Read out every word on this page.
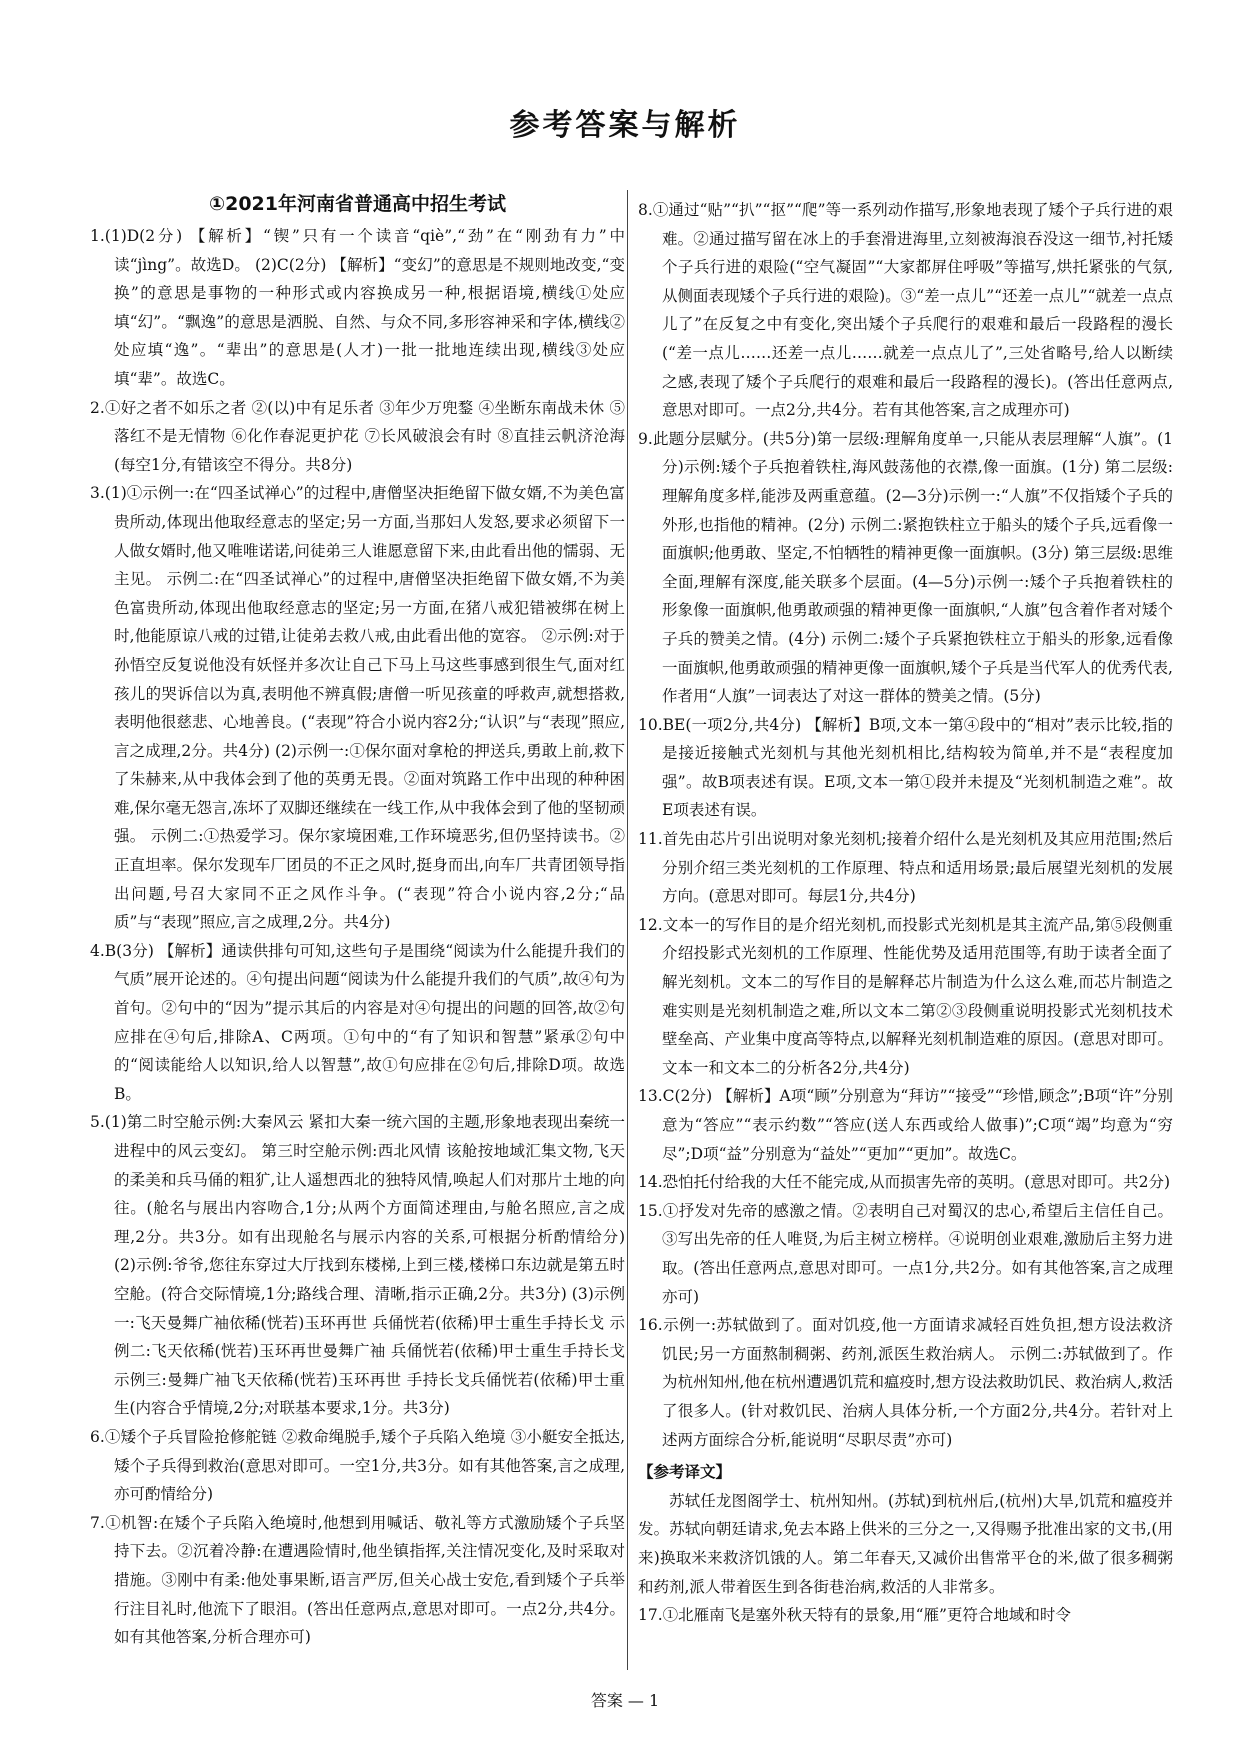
参考答案与解析
①2021年河南省普通高中招生考试

1.(1)D(2分) 【解析】“锲”只有一个读音“qiè”,“劲”在“刚劲有力”中读“jìng”。故选D。 (2)C(2分) 【解析】“变幻”的意思是不规则地改变,“变换”的意思是事物的一种形式或内容换成另一种,根据语境,横线①处应填“幻”。“飘逸”的意思是洒脱、自然、与众不同,多形容神采和字体,横线②处应填“逸”。“辈出”的意思是(人才)一批一批地连续出现,横线③处应填“辈”。故选C。

2.①好之者不如乐之者 ②(以)中有足乐者 ③年少万兜鍪 ④坐断东南战未休 ⑤落红不是无情物 ⑥化作春泥更护花 ⑦长风破浪会有时 ⑧直挂云帆济沧海(每空1分,有错该空不得分。共8分)

3.(1)①示例一:在“四圣试禅心”的过程中,唐僧坚决拒绝留下做女婿,不为美色富贵所动,体现出他取经意志的坚定;另一方面,当那妇人发怒,要求必须留下一人做女婿时,他又唯唯诺诺,问徒弟三人谁愿意留下来,由此看出他的懦弱、无主见。 示例二:在“四圣试禅心”的过程中,唐僧坚决拒绝留下做女婿,不为美色富贵所动,体现出他取经意志的坚定;另一方面,在猪八戒犯错被绑在树上时,他能原谅八戒的过错,让徒弟去救八戒,由此看出他的宽容。 ②示例:对于孙悟空反复说他没有妖怪并多次让自己下马上马这些事感到很生气,面对红孩儿的哭诉信以为真,表明他不辨真假;唐僧一听见孩童的呼救声,就想搭救,表明他很慈悲、心地善良。(“表现”符合小说内容2分;“认识”与“表现”照应,言之成理,2分。共4分) (2)示例一:①保尔面对拿枪的押送兵,勇敢上前,救下了朱赫来,从中我体会到了他的英勇无畏。②面对筑路工作中出现的种种困难,保尔毫无怨言,冻坏了双脚还继续在一线工作,从中我体会到了他的坚韧顽强。 示例二:①热爱学习。保尔家境困难,工作环境恶劣,但仍坚持读书。②正直坦率。保尔发现车厂团员的不正之风时,挺身而出,向车厂共青团领导指出问题,号召大家同不正之风作斗争。(“表现”符合小说内容,2分;“品质”与“表现”照应,言之成理,2分。共4分)

4.B(3分) 【解析】通读供排句可知,这些句子是围绕“阅读为什么能提升我们的气质”展开论述的。④句提出问题“阅读为什么能提升我们的气质”,故④句为首句。②句中的“因为”提示其后的内容是对④句提出的问题的回答,故②句应排在④句后,排除A、C两项。①句中的“有了知识和智慧”紧承②句中的“阅读能给人以知识,给人以智慧”,故①句应排在②句后,排除D项。故选B。

5.(1)第二时空舱示例:大秦风云 紧扣大秦一统六国的主题,形象地表现出秦统一进程中的风云变幻。 第三时空舱示例:西北风情 该舱按地域汇集文物,飞天的柔美和兵马俑的粗犷,让人遥想西北的独特风情,唤起人们对那片土地的向往。(舱名与展出内容吻合,1分;从两个方面简述理由,与舱名照应,言之成理,2分。共3分。如有出现舱名与展示内容的关系,可根据分析酌情给分) (2)示例:爷爷,您往东穿过大厅找到东楼梯,上到三楼,楼梯口东边就是第五时空舱。(符合交际情境,1分;路线合理、清晰,指示正确,2分。共3分) (3)示例一:飞天曼舞广袖依稀(恍若)玉环再世 兵俑恍若(依稀)甲士重生手持长戈 示例二:飞天依稀(恍若)玉环再世曼舞广袖 兵俑恍若(依稀)甲士重生手持长戈 示例三:曼舞广袖飞天依稀(恍若)玉环再世 手持长戈兵俑恍若(依稀)甲士重生(内容合乎情境,2分;对联基本要求,1分。共3分)

6.①矮个子兵冒险抢修舵链 ②救命绳脱手,矮个子兵陷入绝境 ③小艇安全抵达,矮个子兵得到救治(意思对即可。一空1分,共3分。如有其他答案,言之成理,亦可酌情给分)

7.①机智:在矮个子兵陷入绝境时,他想到用喊话、敬礼等方式激励矮个子兵坚持下去。②沉着冷静:在遭遇险情时,他坐镇指挥,关注情况变化,及时采取对措施。③刚中有柔:他处事果断,语言严厉,但关心战士安危,看到矮个子兵举行注目礼时,他流下了眼泪。(答出任意两点,意思对即可。一点2分,共4分。如有其他答案,分析合理亦可)

8.①通过“贴”“扒”“抠”“爬”等一系列动作描写,形象地表现了矮个子兵行进的艰难。②通过描写留在冰上的手套滑进海里,立刻被海浪吞没这一细节,衬托矮个子兵行进的艰险(“空气凝固”“大家都屏住呼吸”等描写,烘托紧张的气氛,从侧面表现矮个子兵行进的艰险)。③“差一点儿”“还差一点儿”“就差一点点儿了”在反复之中有变化,突出矮个子兵爬行的艰难和最后一段路程的漫长(“差一点儿……还差一点儿……就差一点点儿了”,三处省略号,给人以断续之感,表现了矮个子兵爬行的艰难和最后一段路程的漫长)。(答出任意两点,意思对即可。一点2分,共4分。若有其他答案,言之成理亦可)

9.此题分层赋分。(共5分)第一层级:理解角度单一,只能从表层理解“人旗”。(1分)示例:矮个子兵抱着铁柱,海风鼓荡他的衣襟,像一面旗。(1分) 第二层级:理解角度多样,能涉及两重意蕴。(2—3分)示例一:“人旗”不仅指矮个子兵的外形,也指他的精神。(2分) 示例二:紧抱铁柱立于船头的矮个子兵,远看像一面旗帜;他勇敢、坚定,不怕牺牲的精神更像一面旗帜。(3分) 第三层级:思维全面,理解有深度,能关联多个层面。(4—5分)示例一:矮个子兵抱着铁柱的形象像一面旗帜,他勇敢顽强的精神更像一面旗帜,“人旗”包含着作者对矮个子兵的赞美之情。(4分) 示例二:矮个子兵紧抱铁柱立于船头的形象,远看像一面旗帜,他勇敢顽强的精神更像一面旗帜,矮个子兵是当代军人的优秀代表,作者用“人旗”一词表达了对这一群体的赞美之情。(5分)

10.BE(一项2分,共4分) 【解析】B项,文本一第④段中的“相对”表示比较,指的是接近接触式光刻机与其他光刻机相比,结构较为简单,并不是“表程度加强”。故B项表述有误。E项,文本一第①段并未提及“光刻机制造之难”。故E项表述有误。

11.首先由芯片引出说明对象光刻机;接着介绍什么是光刻机及其应用范围;然后分别介绍三类光刻机的工作原理、特点和适用场景;最后展望光刻机的发展方向。(意思对即可。每层1分,共4分)

12.文本一的写作目的是介绍光刻机,而投影式光刻机是其主流产品,第⑤段侧重介绍投影式光刻机的工作原理、性能优势及适用范围等,有助于读者全面了解光刻机。文本二的写作目的是解释芯片制造为什么这么难,而芯片制造之难实则是光刻机制造之难,所以文本二第②③段侧重说明投影式光刻机技术壁垒高、产业集中度高等特点,以解释光刻机制造难的原因。(意思对即可。文本一和文本二的分析各2分,共4分)

13.C(2分) 【解析】A项“顾”分别意为“拜访”“接受”“珍惜,顾念”;B项“许”分别意为“答应”“表示约数”“答应(送人东西或给人做事)”;C项“竭”均意为“穷尽”;D项“益”分别意为“益处”“更加”“更加”。故选C。

14.恐怕托付给我的大任不能完成,从而损害先帝的英明。(意思对即可。共2分)

15.①抒发对先帝的感激之情。②表明自己对蜀汉的忠心,希望后主信任自己。③写出先帝的任人唯贤,为后主树立榜样。④说明创业艰难,激励后主努力进取。(答出任意两点,意思对即可。一点1分,共2分。如有其他答案,言之成理亦可)

16.示例一:苏轼做到了。面对饥疫,他一方面请求减轻百姓负担,想方设法救济饥民;另一方面熬制稠粥、药剂,派医生救治病人。 示例二:苏轼做到了。作为杭州知州,他在杭州遭遇饥荒和瘟疫时,想方设法救助饥民、救治病人,救活了很多人。(针对救饥民、治病人具体分析,一个方面2分,共4分。若针对上述两方面综合分析,能说明“尽职尽责”亦可)

【参考译文】

苏轼任龙图阁学士、杭州知州。(苏轼)到杭州后,(杭州)大旱,饥荒和瘟疫并发。苏轼向朝廷请求,免去本路上供米的三分之一,又得赐予批准出家的文书,(用来)换取米来救济饥饿的人。第二年春天,又减价出售常平仓的米,做了很多稠粥和药剂,派人带着医生到各街巷治病,救活的人非常多。

17.①北雁南飞是塞外秋天特有的景象,用“雁”更符合地域和时令

答案 — 1
